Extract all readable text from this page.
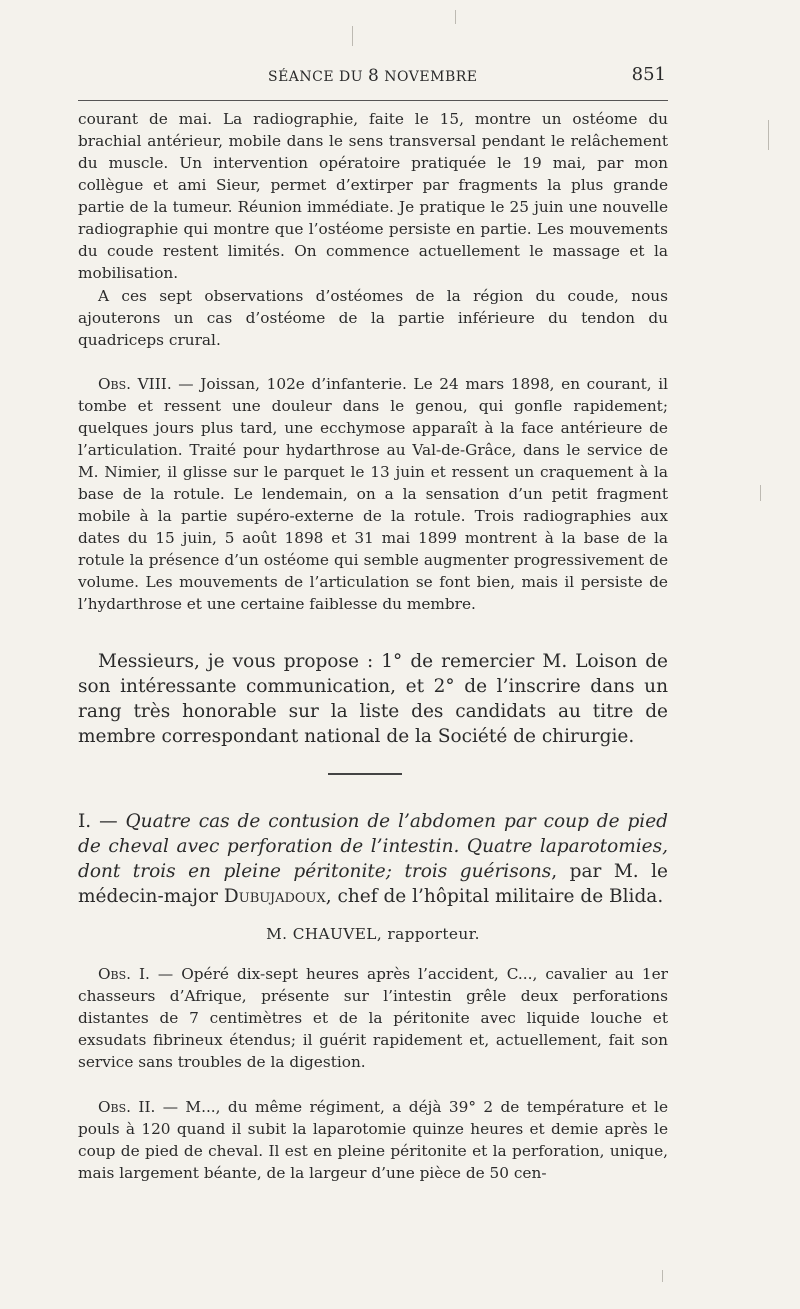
SÉANCE DU 8 NOVEMBRE	851

courant de mai. La radiographie, faite le 15, montre un ostéome du brachial antérieur, mobile dans le sens transversal pendant le relâchement du muscle. Un intervention opératoire pratiquée le 19 mai, par mon collègue et ami Sieur, permet d’extirper par fragments la plus grande partie de la tumeur. Réunion immédiate. Je pratique le 25 juin une nouvelle radiographie qui montre que l’ostéome persiste en partie. Les mouvements du coude restent limités. On commence actuellement le massage et la mobilisation.

A ces sept observations d’ostéomes de la région du coude, nous ajouterons un cas d’ostéome de la partie inférieure du tendon du quadriceps crural.

Obs. VIII. — Joissan, 102e d’infanterie. Le 24 mars 1898, en courant, il tombe et ressent une douleur dans le genou, qui gonfle rapidement; quelques jours plus tard, une ecchymose apparaît à la face antérieure de l’articulation. Traité pour hydarthrose au Val-de-Grâce, dans le service de M. Nimier, il glisse sur le parquet le 13 juin et ressent un craquement à la base de la rotule. Le lendemain, on a la sensation d’un petit fragment mobile à la partie supéro-externe de la rotule. Trois radiographies aux dates du 15 juin, 5 août 1898 et 31 mai 1899 montrent à la base de la rotule la présence d’un ostéome qui semble augmenter progressivement de volume. Les mouvements de l’articulation se font bien, mais il persiste de l’hydarthrose et une certaine faiblesse du membre.

Messieurs, je vous propose : 1° de remercier M. Loison de son intéressante communication, et 2° de l’inscrire dans un rang très honorable sur la liste des candidats au titre de membre correspondant national de la Société de chirurgie.

I. — Quatre cas de contusion de l’abdomen par coup de pied de cheval avec perforation de l’intestin. Quatre laparotomies, dont trois en pleine péritonite; trois guérisons, par M. le médecin-major Dubujadoux, chef de l’hôpital militaire de Blida.

M. CHAUVEL, rapporteur.

Obs. I. — Opéré dix-sept heures après l’accident, C..., cavalier au 1er chasseurs d’Afrique, présente sur l’intestin grêle deux perforations distantes de 7 centimètres et de la péritonite avec liquide louche et exsudats fibrineux étendus; il guérit rapidement et, actuellement, fait son service sans troubles de la digestion.

Obs. II. — M..., du même régiment, a déjà 39° 2 de température et le pouls à 120 quand il subit la laparotomie quinze heures et demie après le coup de pied de cheval. Il est en pleine péritonite et la perforation, unique, mais largement béante, de la largeur d’une pièce de 50 cen-
